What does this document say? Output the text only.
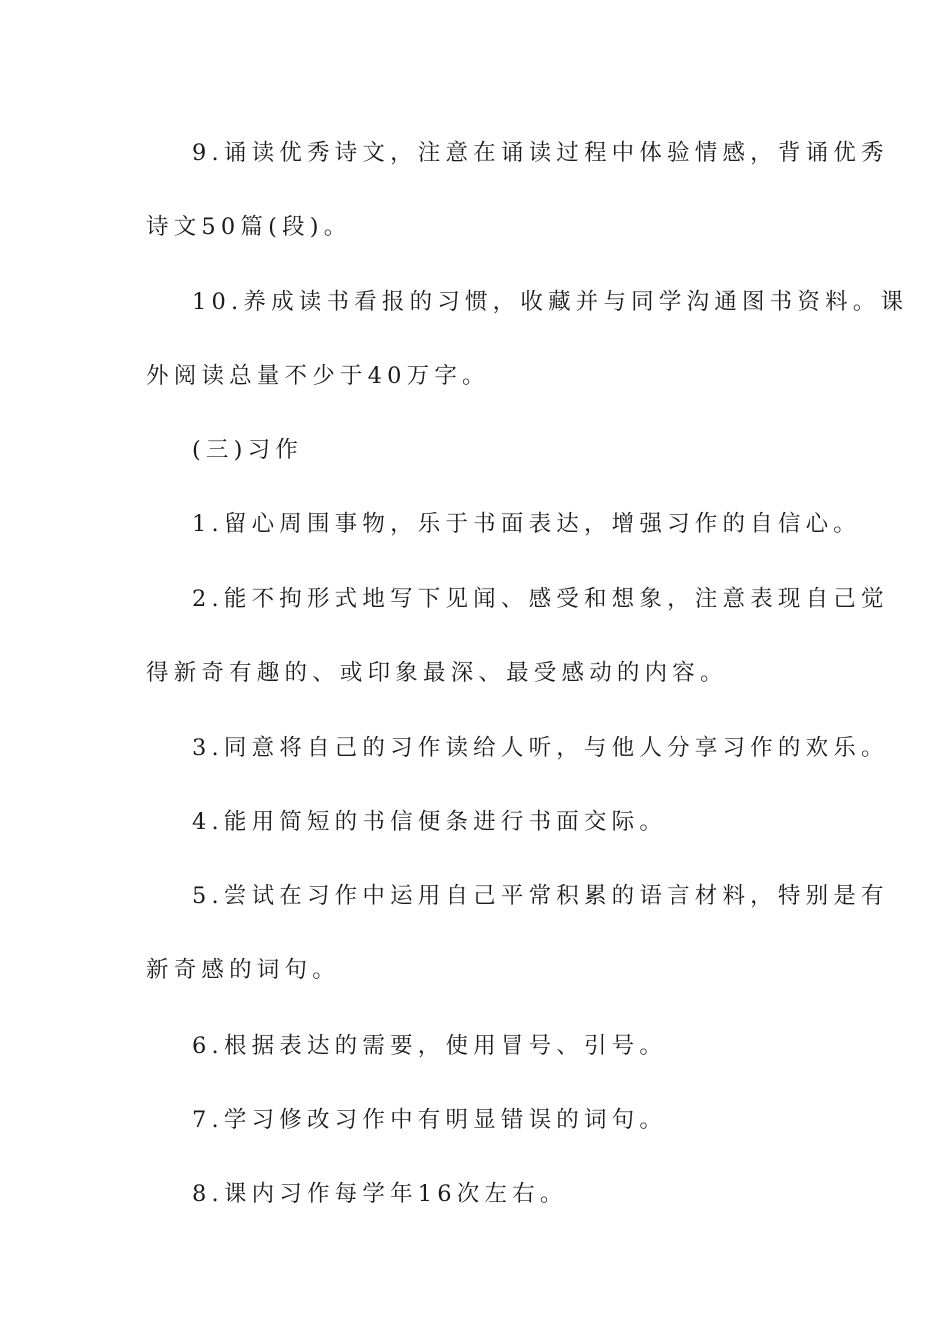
9.诵读优秀诗文，注意在诵读过程中体验情感，背诵优秀
诗文50篇(段)。
10.养成读书看报的习惯，收藏并与同学沟通图书资料。课
外阅读总量不少于40万字。
(三)习作
1.留心周围事物，乐于书面表达，增强习作的自信心。
2.能不拘形式地写下见闻、感受和想象，注意表现自己觉
得新奇有趣的、或印象最深、最受感动的内容。
3.同意将自己的习作读给人听，与他人分享习作的欢乐。
4.能用简短的书信便条进行书面交际。
5.尝试在习作中运用自己平常积累的语言材料，特别是有
新奇感的词句。
6.根据表达的需要，使用冒号、引号。
7.学习修改习作中有明显错误的词句。
8.课内习作每学年16次左右。
